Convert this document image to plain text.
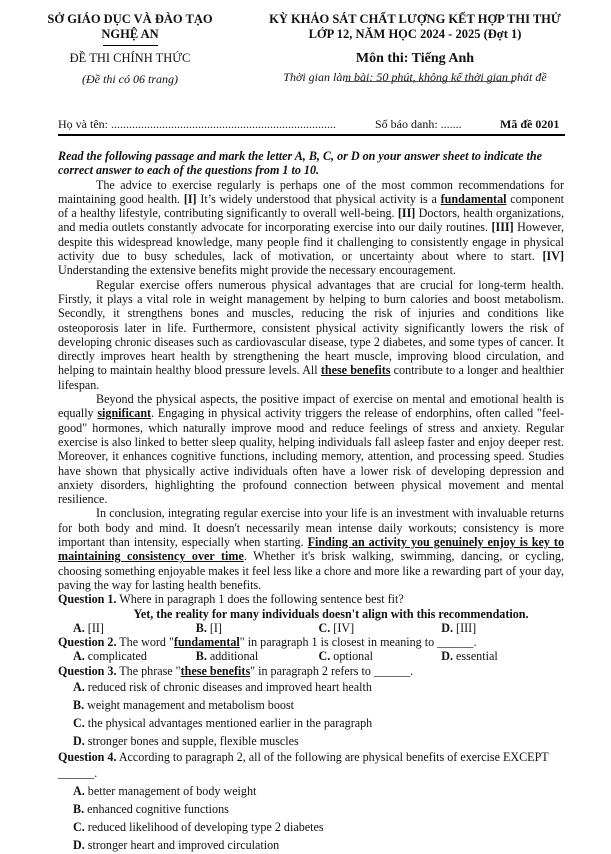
SỞ GIÁO DỤC VÀ ĐÀO TẠO
NGHỆ AN
ĐỀ THI CHÍNH THỨC
(Đề thi có 06 trang)
KỲ KHẢO SÁT CHẤT LƯỢNG KẾT HỢP THI THỬ
LỚP 12, NĂM HỌC 2024 - 2025 (Đợt 1)
Môn thi: Tiếng Anh
Thời gian làm bài: 50 phút, không kể thời gian phát đề
Họ và tên: ...........................................................................	Số báo danh: .......	Mã đề 0201

Read the following passage and mark the letter A, B, C, or D on your answer sheet to indicate the correct answer to each of the questions from 1 to 10.

The advice to exercise regularly is perhaps one of the most common recommendations for maintaining good health. [I] It’s widely understood that physical activity is a fundamental component of a healthy lifestyle, contributing significantly to overall well-being. [II] Doctors, health organizations, and media outlets constantly advocate for incorporating exercise into our daily routines. [III] However, despite this widespread knowledge, many people find it challenging to consistently engage in physical activity due to busy schedules, lack of motivation, or uncertainty about where to start. [IV] Understanding the extensive benefits might provide the necessary encouragement.

Regular exercise offers numerous physical advantages that are crucial for long-term health. Firstly, it plays a vital role in weight management by helping to burn calories and boost metabolism. Secondly, it strengthens bones and muscles, reducing the risk of injuries and conditions like osteoporosis later in life. Furthermore, consistent physical activity significantly lowers the risk of developing chronic diseases such as cardiovascular disease, type 2 diabetes, and some types of cancer. It directly improves heart health by strengthening the heart muscle, improving blood circulation, and helping to maintain healthy blood pressure levels. All these benefits contribute to a longer and healthier lifespan.

Beyond the physical aspects, the positive impact of exercise on mental and emotional health is equally significant. Engaging in physical activity triggers the release of endorphins, often called "feel-good" hormones, which naturally improve mood and reduce feelings of stress and anxiety. Regular exercise is also linked to better sleep quality, helping individuals fall asleep faster and enjoy deeper rest. Moreover, it enhances cognitive functions, including memory, attention, and processing speed. Studies have shown that physically active individuals often have a lower risk of developing depression and anxiety disorders, highlighting the profound connection between physical movement and mental resilience.

In conclusion, integrating regular exercise into your life is an investment with invaluable returns for both body and mind. It doesn't necessarily mean intense daily workouts; consistency is more important than intensity, especially when starting. Finding an activity you genuinely enjoy is key to maintaining consistency over time. Whether it's brisk walking, swimming, dancing, or cycling, choosing something enjoyable makes it feel less like a chore and more like a rewarding part of your day, paving the way for lasting health benefits.

Question 1. Where in paragraph 1 does the following sentence best fit?

Yet, the reality for many individuals doesn't align with this recommendation.

A. [II]	B. [I]	C. [IV]	D. [III]

Question 2. The word "fundamental" in paragraph 1 is closest in meaning to ______.

A. complicated	B. additional	C. optional	D. essential

Question 3. The phrase "these benefits" in paragraph 2 refers to ______.

A. reduced risk of chronic diseases and improved heart health
B. weight management and metabolism boost
C. the physical advantages mentioned earlier in the paragraph
D. stronger bones and supple, flexible muscles

Question 4. According to paragraph 2, all of the following are physical benefits of exercise EXCEPT

______.

A. better management of body weight
B. enhanced cognitive functions
C. reduced likelihood of developing type 2 diabetes
D. stronger heart and improved circulation
